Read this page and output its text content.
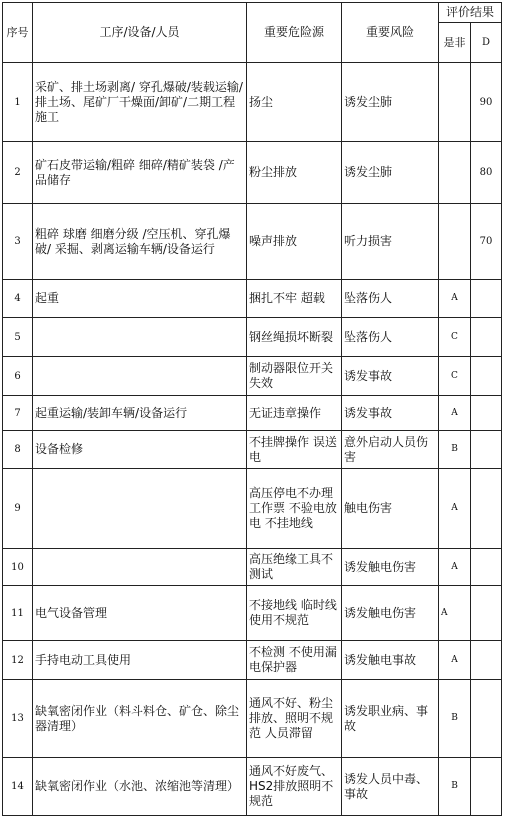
序号	工序/设备/人员	重要危险源	重要风险	评价结果	
				是非	D
1	采矿、排土场剥离/ 穿孔爆破/装载运输/ 排土场、尾矿厂干燥面/卸矿/二期工程施工	扬尘	诱发尘肺		90
2	矿石皮带运输/粗碎 细碎/精矿装袋 /产品储存	粉尘排放	诱发尘肺		80
3	粗碎 球磨 细磨分级 /空压机、穿孔爆破/ 采掘、剥离运输车辆/设备运行	噪声排放	听力损害		70
4	起重	捆扎不牢 超载	坠落伤人	A	
5		钢丝绳损坏断裂	坠落伤人	C	
6		制动器限位开关失效	诱发事故	C	
7	起重运输/装卸车辆/设备运行	无证违章操作	诱发事故	A	
8	设备检修	不挂牌操作 误送电	意外启动人员伤害	B	
9		高压停电不办理工作票 不验电放电 不挂地线	触电伤害	A	
10		高压绝缘工具不测试	诱发触电伤害	A	
11	电气设备管理	不接地线 临时线使用不规范	诱发触电伤害	A	
12	手持电动工具使用	不检测 不使用漏电保护器	诱发触电事故	A	
13	缺氧密闭作业（料斗料仓、矿仓、除尘器清理）	通风不好、粉尘排放、照明不规范 人员滞留	诱发职业病、事故	B	
14	缺氧密闭作业（水池、浓缩池等清理）	通风不好废气、HS2排放照明不规范	诱发人员中毒、事故	B	
